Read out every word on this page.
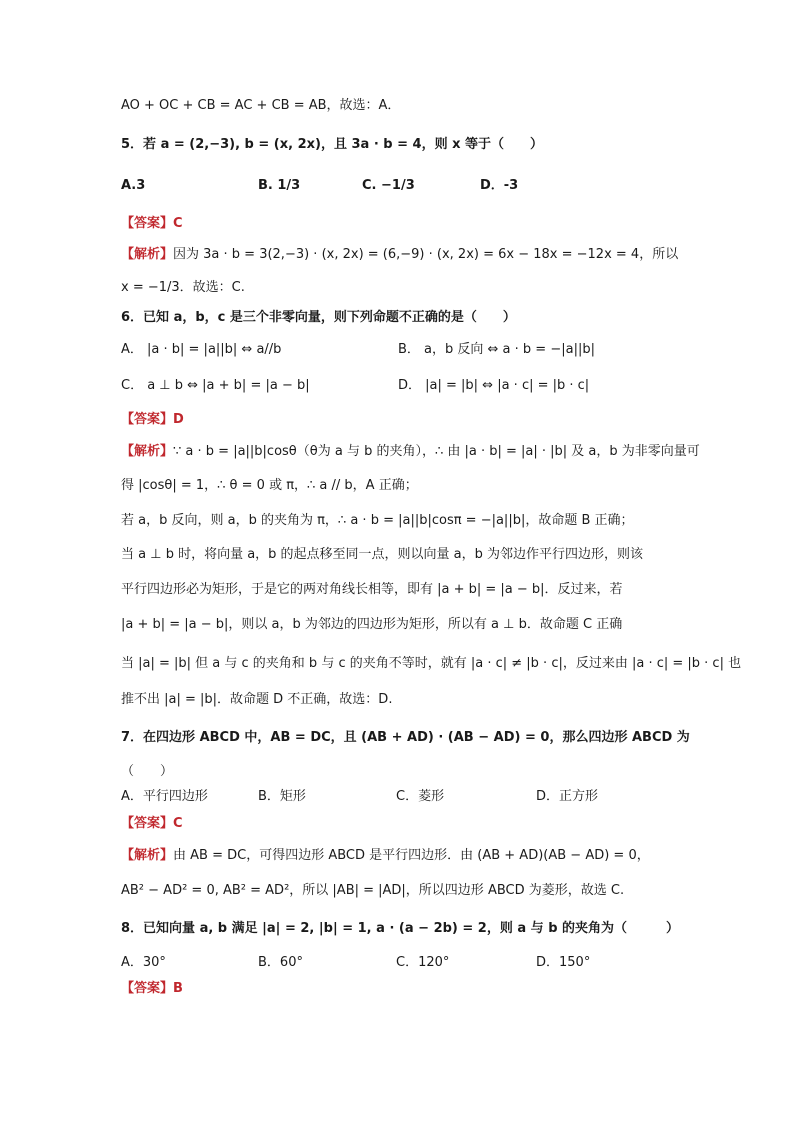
AO + OC + CB = AC + CB = AB，故选：A．
5．若 a = (2,−3), b = (x, 2x)，且 3a · b = 4，则 x 等于（　　）
A.3	B. 1/3	C. −1/3	D．-3
【答案】C
【解析】因为 3a · b = 3(2,−3) · (x, 2x) = (6,−9) · (x, 2x) = 6x − 18x = −12x = 4，所以
x = −1/3．故选：C.
6．已知 a，b，c 是三个非零向量，则下列命题不正确的是（　　）
A． |a · b| = |a||b| ⇔ a//b	B． a，b 反向 ⇔ a · b = −|a||b|
C． a ⊥ b ⇔ |a + b| = |a − b|	D． |a| = |b| ⇔ |a · c| = |b · c|
【答案】D
【解析】∵ a · b = |a||b|cosθ（θ为 a 与 b 的夹角），∴ 由 |a · b| = |a| · |b| 及 a，b 为非零向量可
得 |cosθ| = 1，∴ θ = 0 或 π，∴ a // b，A 正确；
若 a，b 反向，则 a，b 的夹角为 π，∴ a · b = |a||b|cosπ = −|a||b|，故命题 B 正确；
当 a ⊥ b 时，将向量 a，b 的起点移至同一点，则以向量 a，b 为邻边作平行四边形，则该
平行四边形必为矩形，于是它的两对角线长相等，即有 |a + b| = |a − b|．反过来，若
|a + b| = |a − b|，则以 a，b 为邻边的四边形为矩形，所以有 a ⊥ b．故命题 C 正确
当 |a| = |b| 但 a 与 c 的夹角和 b 与 c 的夹角不等时，就有 |a · c| ≠ |b · c|，反过来由 |a · c| = |b · c| 也
推不出 |a| = |b|．故命题 D 不正确，故选：D.
7．在四边形 ABCD 中，AB = DC，且 (AB + AD) · (AB − AD) = 0，那么四边形 ABCD 为
（　　）
A．平行四边形	B．矩形	C．菱形	D．正方形
【答案】C
【解析】由 AB = DC，可得四边形 ABCD 是平行四边形．由 (AB + AD)(AB − AD) = 0，
AB² − AD² = 0, AB² = AD²，所以 |AB| = |AD|，所以四边形 ABCD 为菱形，故选 C.
8．已知向量 a, b 满足 |a| = 2, |b| = 1, a · (a − 2b) = 2，则 a 与 b 的夹角为（　　　）
A．30°	B．60°	C．120°	D．150°
【答案】B
